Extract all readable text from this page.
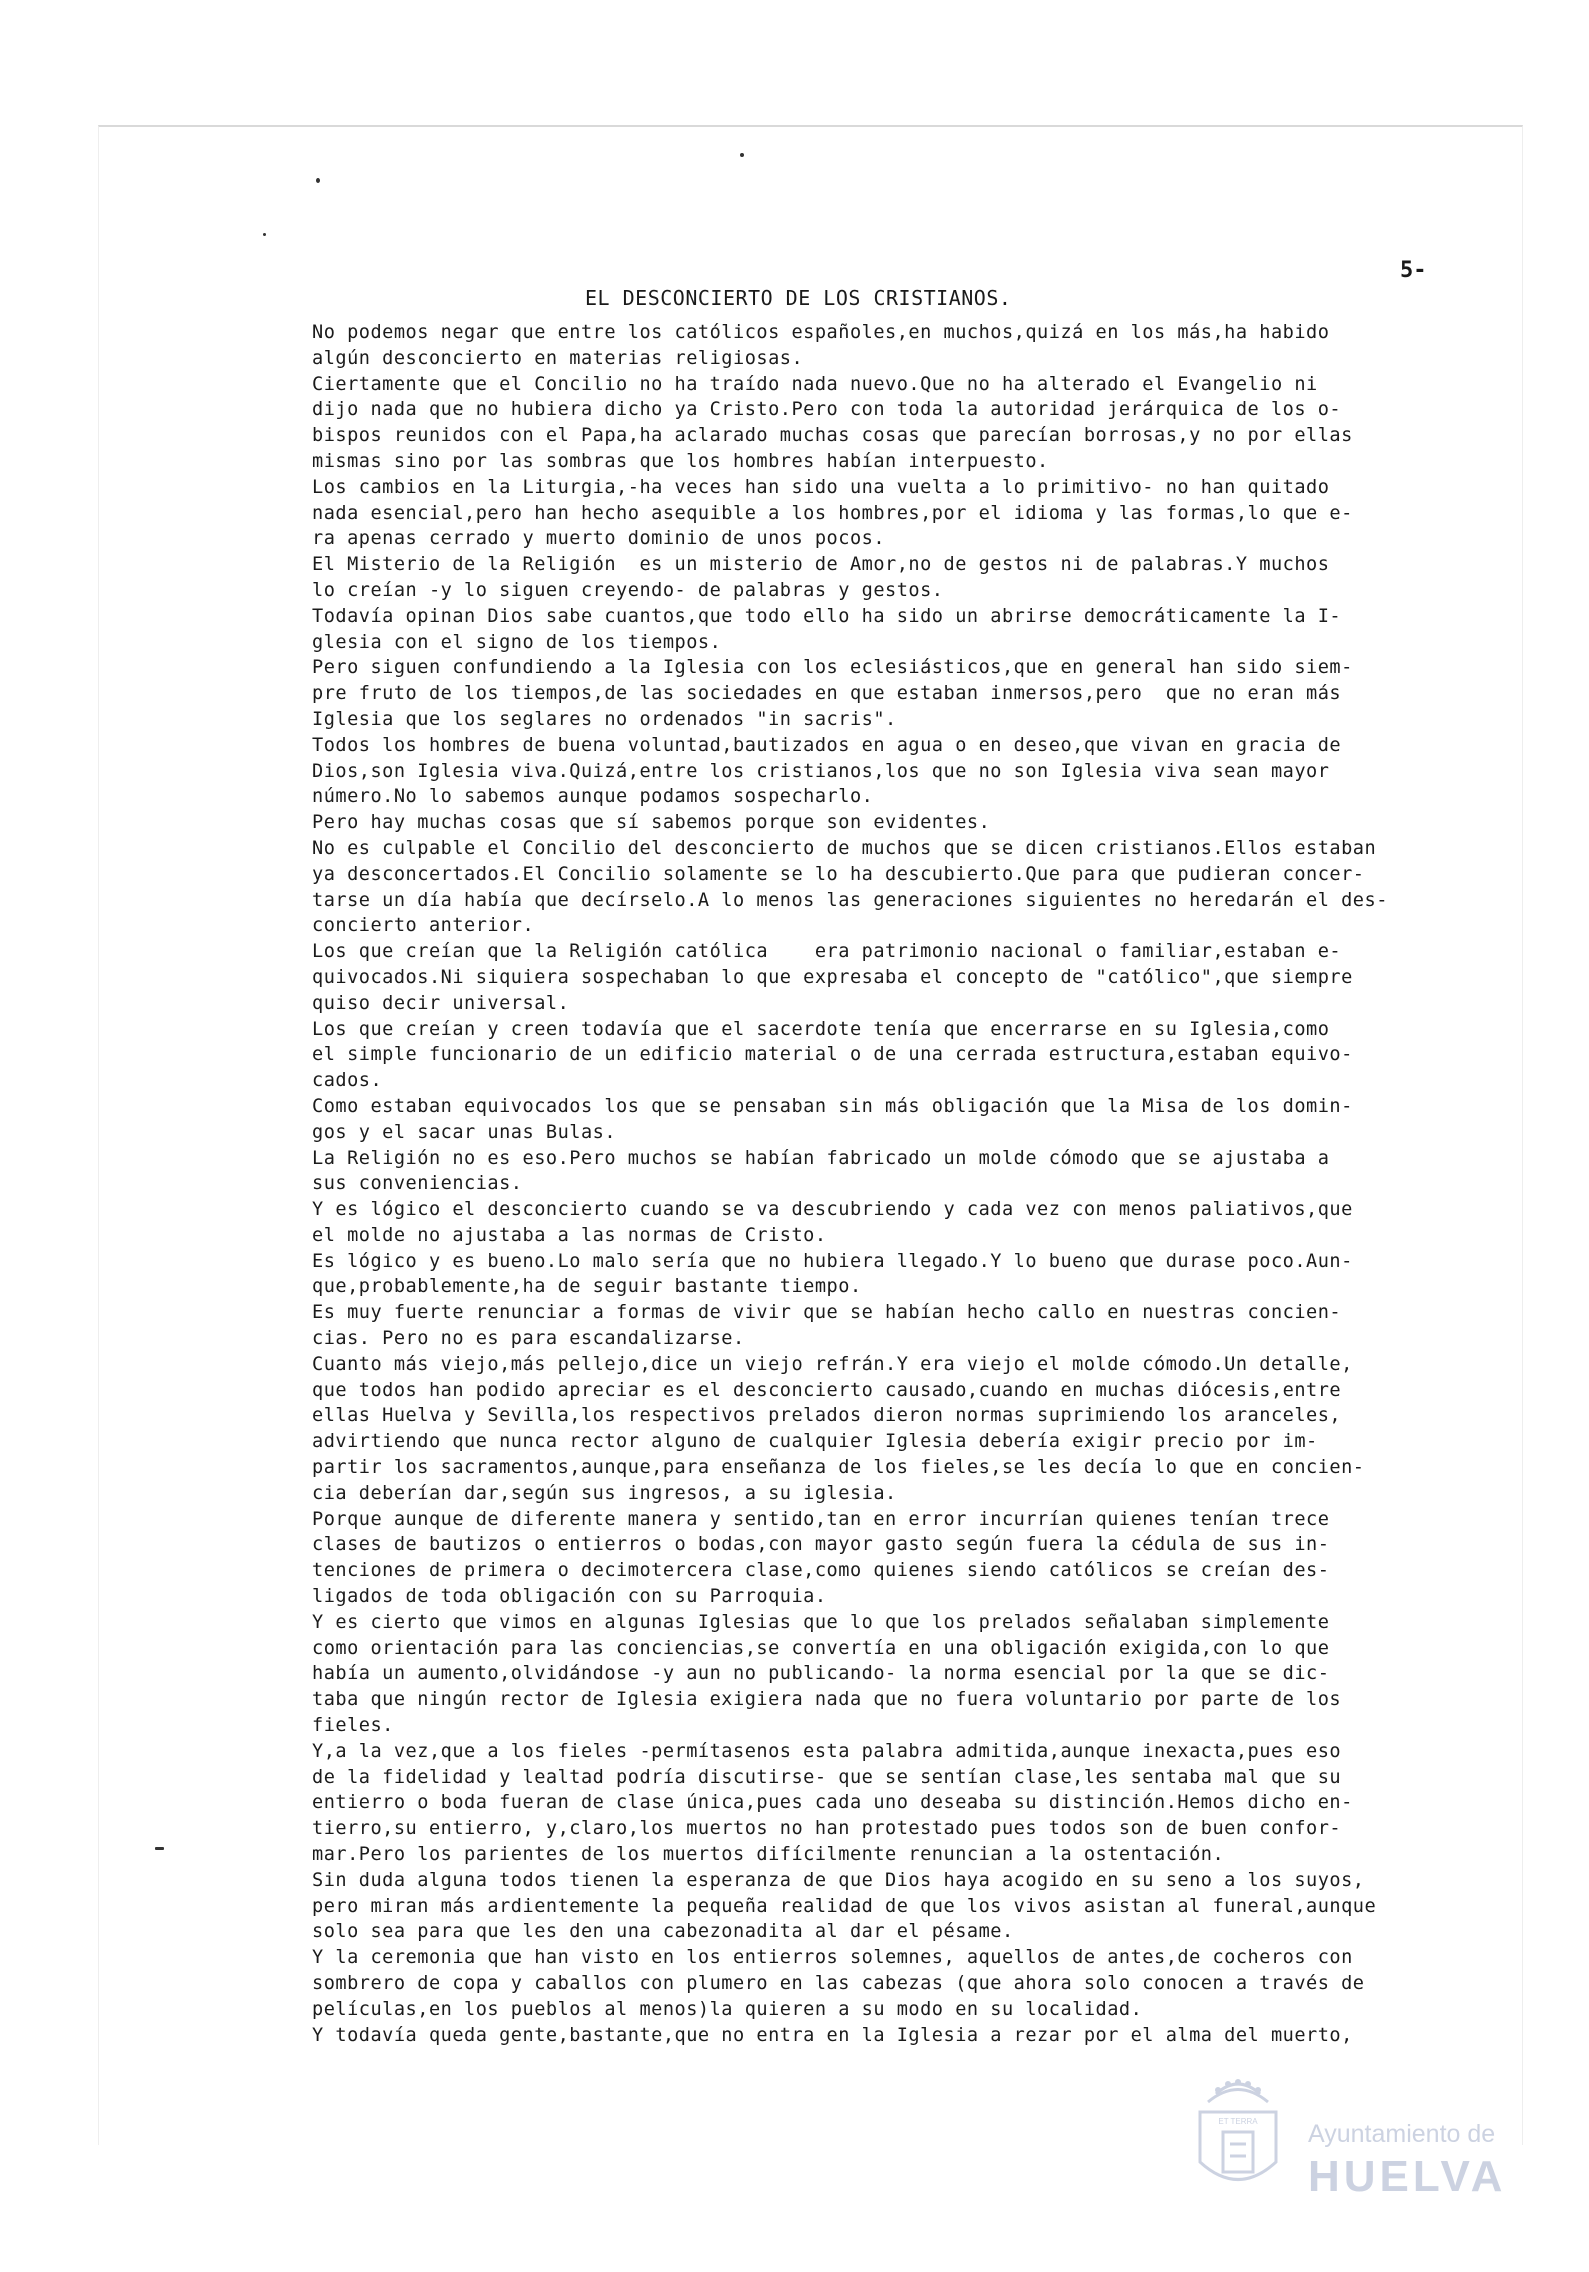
5-
EL DESCONCIERTO DE LOS CRISTIANOS.
No podemos negar que entre los católicos españoles,en muchos,quizá en los más,ha habido
algún desconcierto en materias religiosas.
Ciertamente que el Concilio no ha traído nada nuevo.Que no ha alterado el Evangelio ni
dijo nada que no hubiera dicho ya Cristo.Pero con toda la autoridad jerárquica de los o-
bispos reunidos con el Papa,ha aclarado muchas cosas que parecían borrosas,y no por ellas
mismas sino por las sombras que los hombres habían interpuesto.
Los cambios en la Liturgia,-ha veces han sido una vuelta a lo primitivo- no han quitado
nada esencial,pero han hecho asequible a los hombres,por el idioma y las formas,lo que e-
ra apenas cerrado y muerto dominio de unos pocos.
El Misterio de la Religión  es un misterio de Amor,no de gestos ni de palabras.Y muchos
lo creían -y lo siguen creyendo- de palabras y gestos.
Todavía opinan Dios sabe cuantos,que todo ello ha sido un abrirse democráticamente la I-
glesia con el signo de los tiempos.
Pero siguen confundiendo a la Iglesia con los eclesiásticos,que en general han sido siem-
pre fruto de los tiempos,de las sociedades en que estaban inmersos,pero  que no eran más
Iglesia que los seglares no ordenados "in sacris".
Todos los hombres de buena voluntad,bautizados en agua o en deseo,que vivan en gracia de
Dios,son Iglesia viva.Quizá,entre los cristianos,los que no son Iglesia viva sean mayor
número.No lo sabemos aunque podamos sospecharlo.
Pero hay muchas cosas que sí sabemos porque son evidentes.
No es culpable el Concilio del desconcierto de muchos que se dicen cristianos.Ellos estaban
ya desconcertados.El Concilio solamente se lo ha descubierto.Que para que pudieran concer-
tarse un día había que decírselo.A lo menos las generaciones siguientes no heredarán el des-
concierto anterior.
Los que creían que la Religión católica    era patrimonio nacional o familiar,estaban e-
quivocados.Ni siquiera sospechaban lo que expresaba el concepto de "católico",que siempre
quiso decir universal.
Los que creían y creen todavía que el sacerdote tenía que encerrarse en su Iglesia,como
el simple funcionario de un edificio material o de una cerrada estructura,estaban equivo-
cados.
Como estaban equivocados los que se pensaban sin más obligación que la Misa de los domin-
gos y el sacar unas Bulas.
La Religión no es eso.Pero muchos se habían fabricado un molde cómodo que se ajustaba a
sus conveniencias.
Y es lógico el desconcierto cuando se va descubriendo y cada vez con menos paliativos,que
el molde no ajustaba a las normas de Cristo.
Es lógico y es bueno.Lo malo sería que no hubiera llegado.Y lo bueno que durase poco.Aun-
que,probablemente,ha de seguir bastante tiempo.
Es muy fuerte renunciar a formas de vivir que se habían hecho callo en nuestras concien-
cias. Pero no es para escandalizarse.
Cuanto más viejo,más pellejo,dice un viejo refrán.Y era viejo el molde cómodo.Un detalle,
que todos han podido apreciar es el desconcierto causado,cuando en muchas diócesis,entre
ellas Huelva y Sevilla,los respectivos prelados dieron normas suprimiendo los aranceles,
advirtiendo que nunca rector alguno de cualquier Iglesia debería exigir precio por im-
partir los sacramentos,aunque,para enseñanza de los fieles,se les decía lo que en concien-
cia deberían dar,según sus ingresos, a su iglesia.
Porque aunque de diferente manera y sentido,tan en error incurrían quienes tenían trece
clases de bautizos o entierros o bodas,con mayor gasto según fuera la cédula de sus in-
tenciones de primera o decimotercera clase,como quienes siendo católicos se creían des-
ligados de toda obligación con su Parroquia.
Y es cierto que vimos en algunas Iglesias que lo que los prelados señalaban simplemente
como orientación para las conciencias,se convertía en una obligación exigida,con lo que
había un aumento,olvidándose -y aun no publicando- la norma esencial por la que se dic-
taba que ningún rector de Iglesia exigiera nada que no fuera voluntario por parte de los
fieles.
Y,a la vez,que a los fieles -permítasenos esta palabra admitida,aunque inexacta,pues eso
de la fidelidad y lealtad podría discutirse- que se sentían clase,les sentaba mal que su
entierro o boda fueran de clase única,pues cada uno deseaba su distinción.Hemos dicho en-
tierro,su entierro, y,claro,los muertos no han protestado pues todos son de buen confor-
mar.Pero los parientes de los muertos difícilmente renuncian a la ostentación.
Sin duda alguna todos tienen la esperanza de que Dios haya acogido en su seno a los suyos,
pero miran más ardientemente la pequeña realidad de que los vivos asistan al funeral,aunque
solo sea para que les den una cabezonadita al dar el pésame.
Y la ceremonia que han visto en los entierros solemnes, aquellos de antes,de cocheros con
sombrero de copa y caballos con plumero en las cabezas (que ahora solo conocen a través de
películas,en los pueblos al menos)la quieren a su modo en su localidad.
Y todavía queda gente,bastante,que no entra en la Iglesia a rezar por el alma del muerto,
ET TERRA Ayuntamiento de
HUELVA
